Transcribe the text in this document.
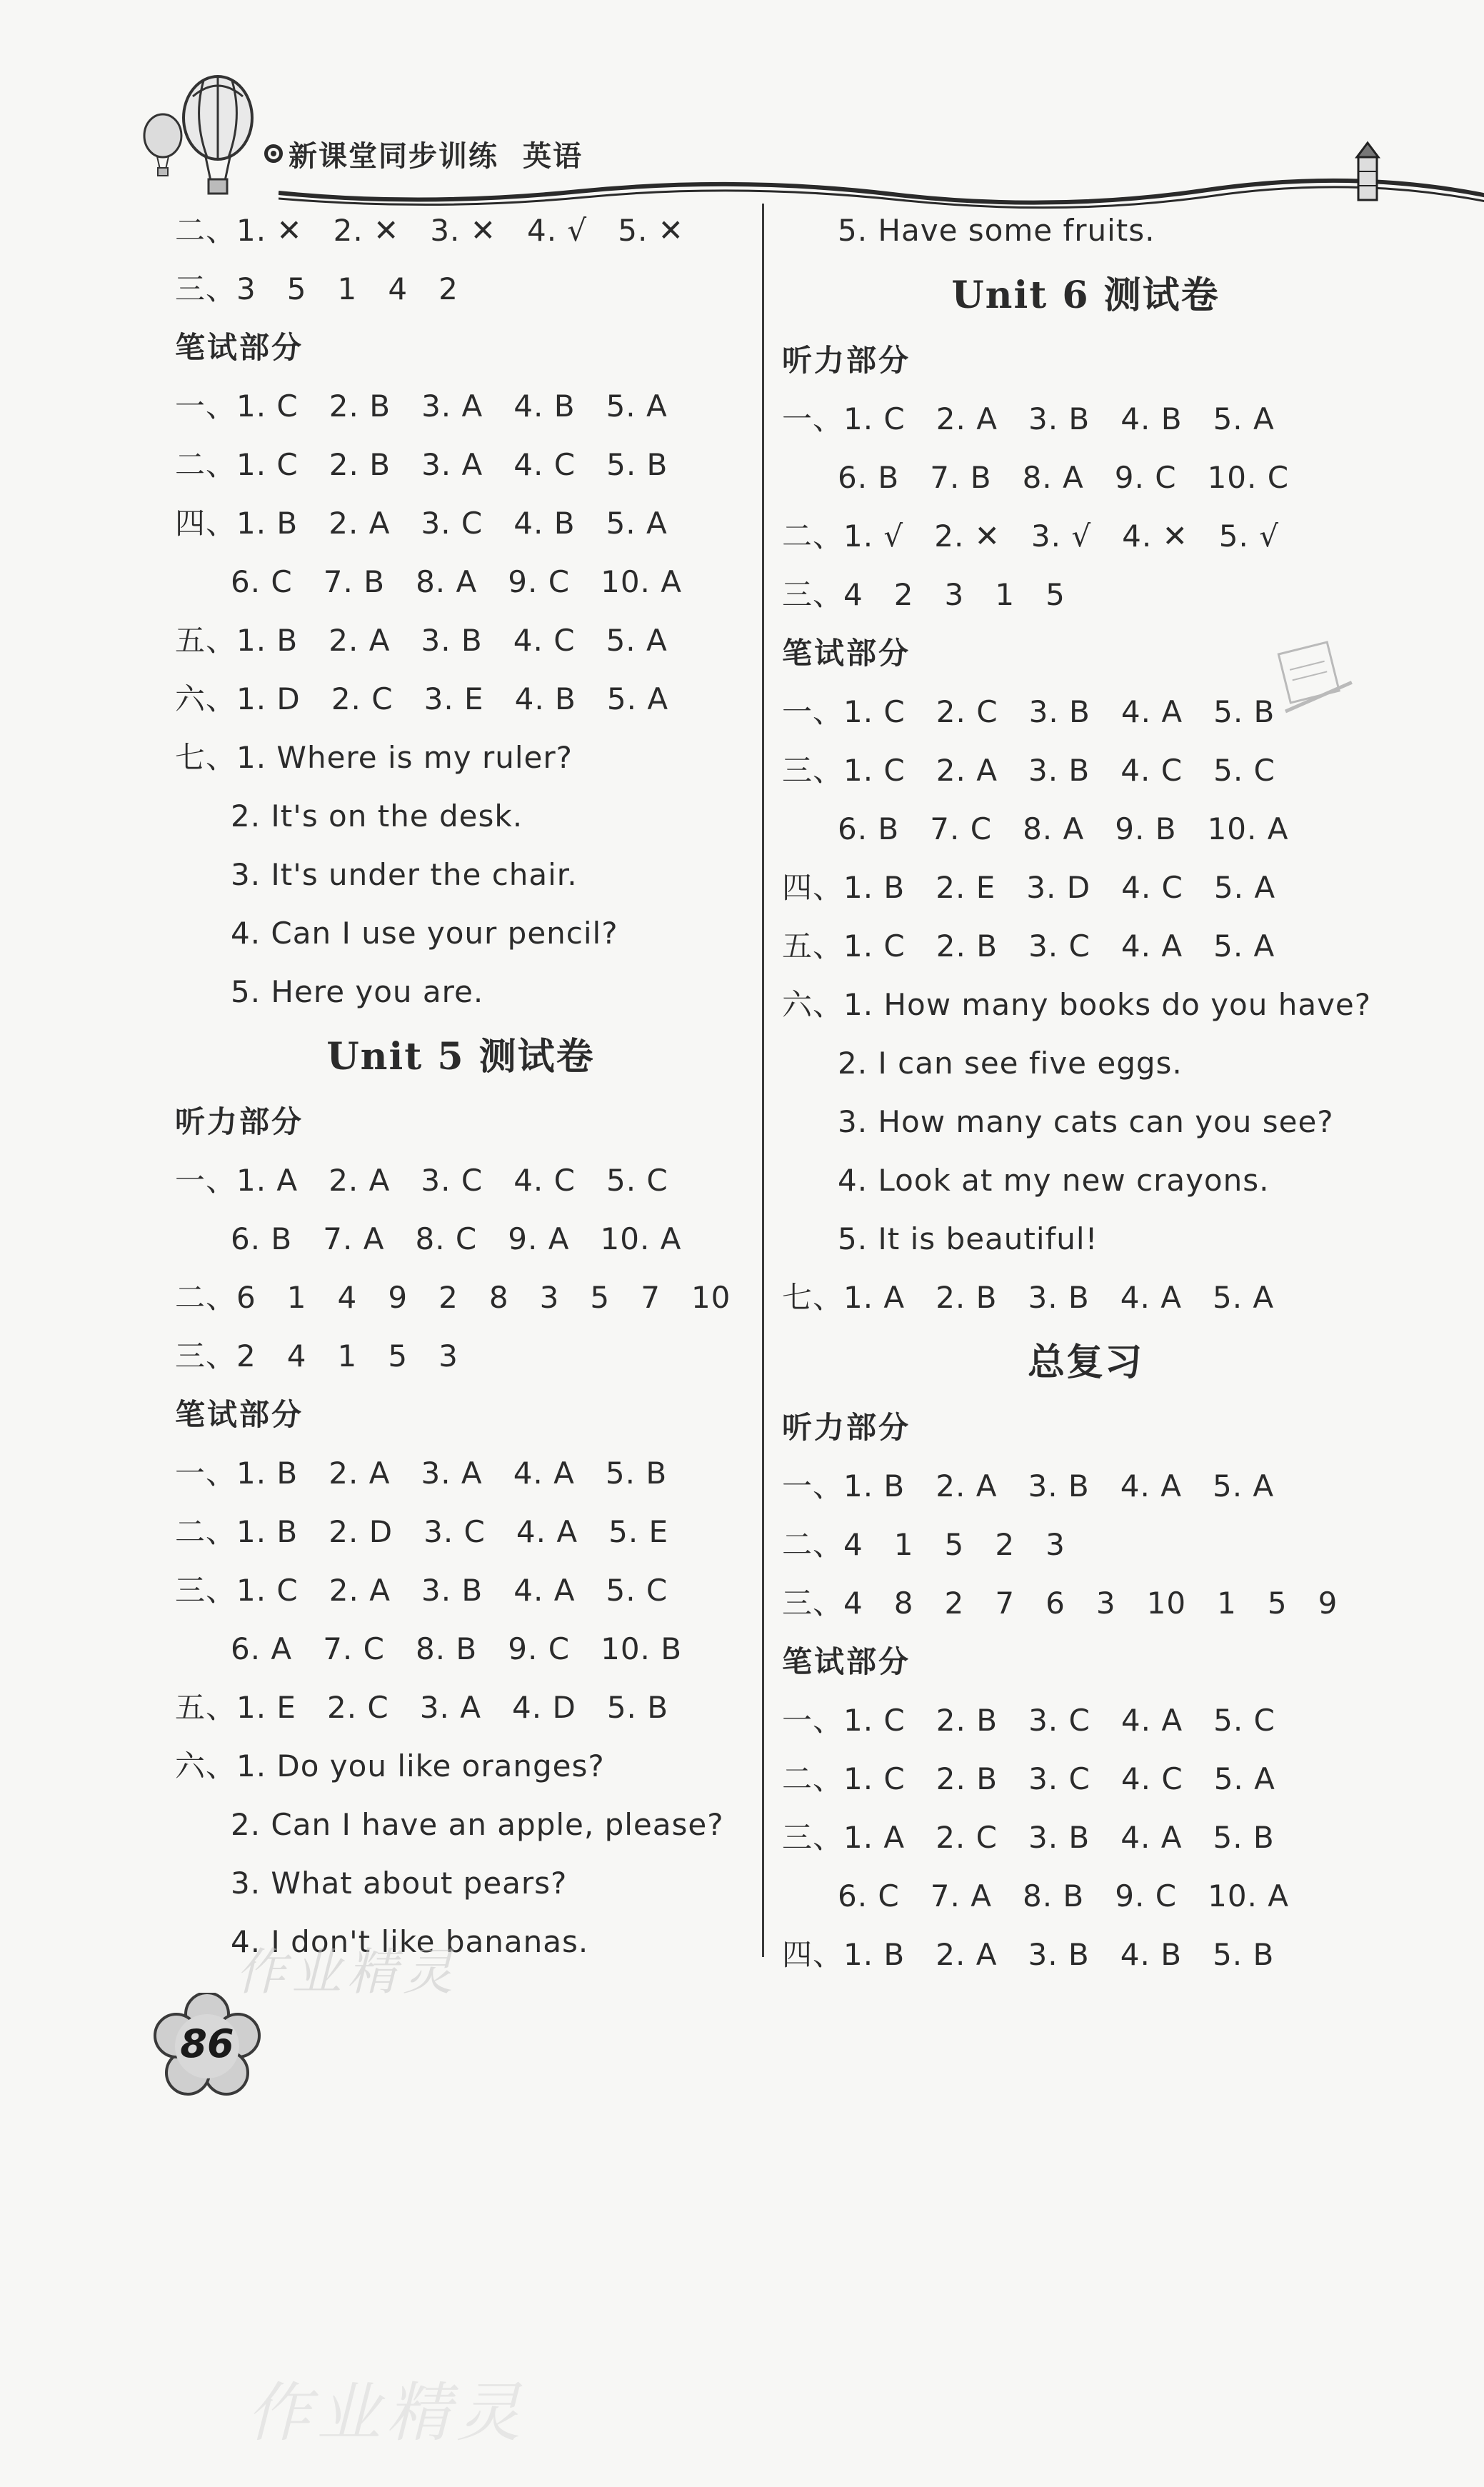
新课堂同步训练 英语
二、1. ✕   2. ✕   3. ✕   4. √   5. ✕
三、3   5   1   4   2
笔试部分
一、1. C   2. B   3. A   4. B   5. A
二、1. C   2. B   3. A   4. C   5. B
四、1. B   2. A   3. C   4. B   5. A
6. C   7. B   8. A   9. C   10. A
五、1. B   2. A   3. B   4. C   5. A
六、1. D   2. C   3. E   4. B   5. A
七、1. Where is my ruler?
2. It's on the desk.
3. It's under the chair.
4. Can I use your pencil?
5. Here you are.
Unit 5 测试卷
听力部分
一、1. A   2. A   3. C   4. C   5. C
6. B   7. A   8. C   9. A   10. A
二、6   1   4   9   2   8   3   5   7   10
三、2   4   1   5   3
笔试部分
一、1. B   2. A   3. A   4. A   5. B
二、1. B   2. D   3. C   4. A   5. E
三、1. C   2. A   3. B   4. A   5. C
6. A   7. C   8. B   9. C   10. B
五、1. E   2. C   3. A   4. D   5. B
六、1. Do you like oranges?
2. Can I have an apple, please?
3. What about pears?
4. I don't like bananas.
5. Have some fruits.
Unit 6 测试卷
听力部分
一、1. C   2. A   3. B   4. B   5. A
6. B   7. B   8. A   9. C   10. C
二、1. √   2. ✕   3. √   4. ✕   5. √
三、4   2   3   1   5
笔试部分
一、1. C   2. C   3. B   4. A   5. B
三、1. C   2. A   3. B   4. C   5. C
6. B   7. C   8. A   9. B   10. A
四、1. B   2. E   3. D   4. C   5. A
五、1. C   2. B   3. C   4. A   5. A
六、1. How many books do you have?
2. I can see five eggs.
3. How many cats can you see?
4. Look at my new crayons.
5. It is beautiful!
七、1. A   2. B   3. B   4. A   5. A
总复习
听力部分
一、1. B   2. A   3. B   4. A   5. A
二、4   1   5   2   3
三、4   8   2   7   6   3   10   1   5   9
笔试部分
一、1. C   2. B   3. C   4. A   5. C
二、1. C   2. B   3. C   4. C   5. A
三、1. A   2. C   3. B   4. A   5. B
6. C   7. A   8. B   9. C   10. A
四、1. B   2. A   3. B   4. B   5. B
86
作业精灵
作业精灵
